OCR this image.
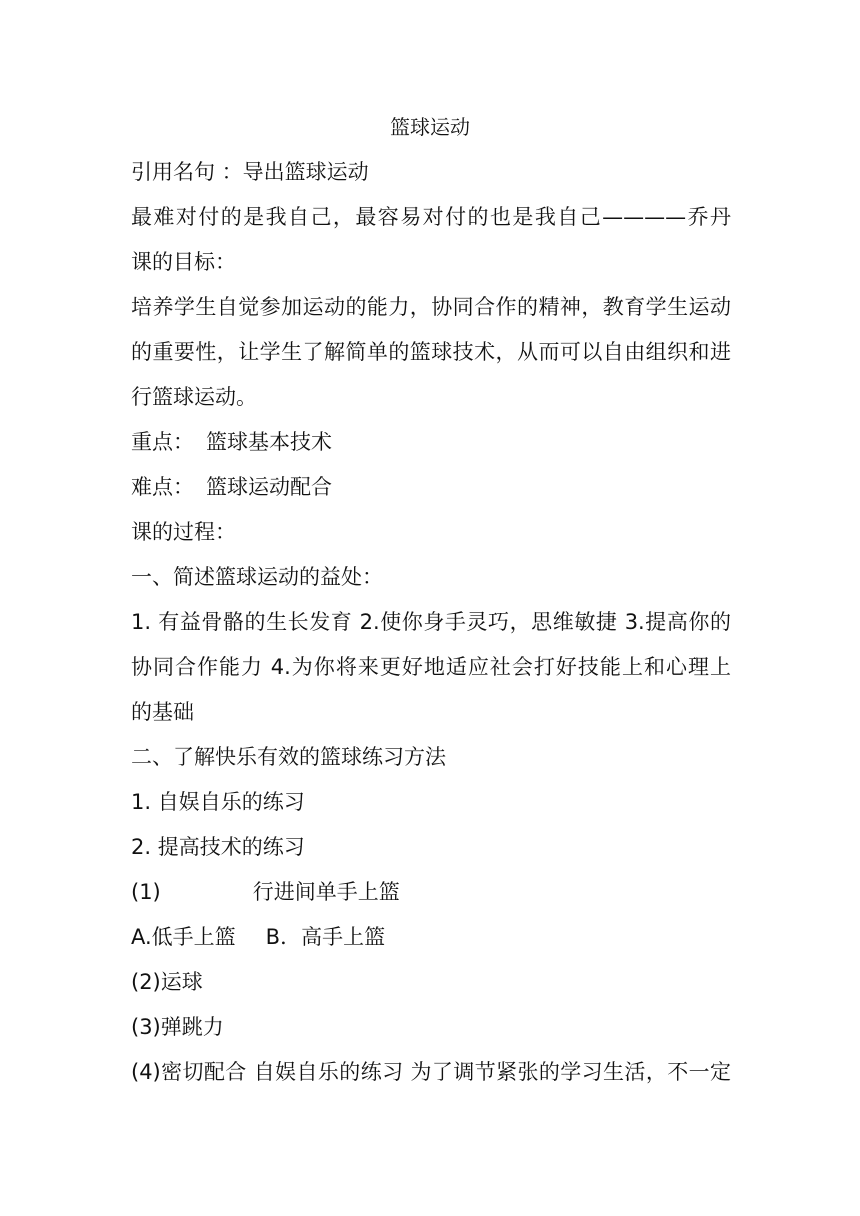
篮球运动
引用名句 ：导出篮球运动
最难对付的是我自己，最容易对付的也是我自己————乔丹
课的目标：
培养学生自觉参加运动的能力，协同合作的精神，教育学生运动
的重要性，让学生了解简单的篮球技术，从而可以自由组织和进
行篮球运动。
重点： 篮球基本技术
难点： 篮球运动配合
课的过程：
一、简述篮球运动的益处：
1. 有益骨骼的生长发育 2.使你身手灵巧，思维敏捷 3.提高你的
协同合作能力 4.为你将来更好地适应社会打好技能上和心理上
的基础
二、了解快乐有效的篮球练习方法
1. 自娱自乐的练习
2. 提高技术的练习
(1)	行进间单手上篮
A.低手上篮 B．高手上篮
(2)运球
(3)弹跳力
(4)密切配合 自娱自乐的练习 为了调节紧张的学习生活，不一定
